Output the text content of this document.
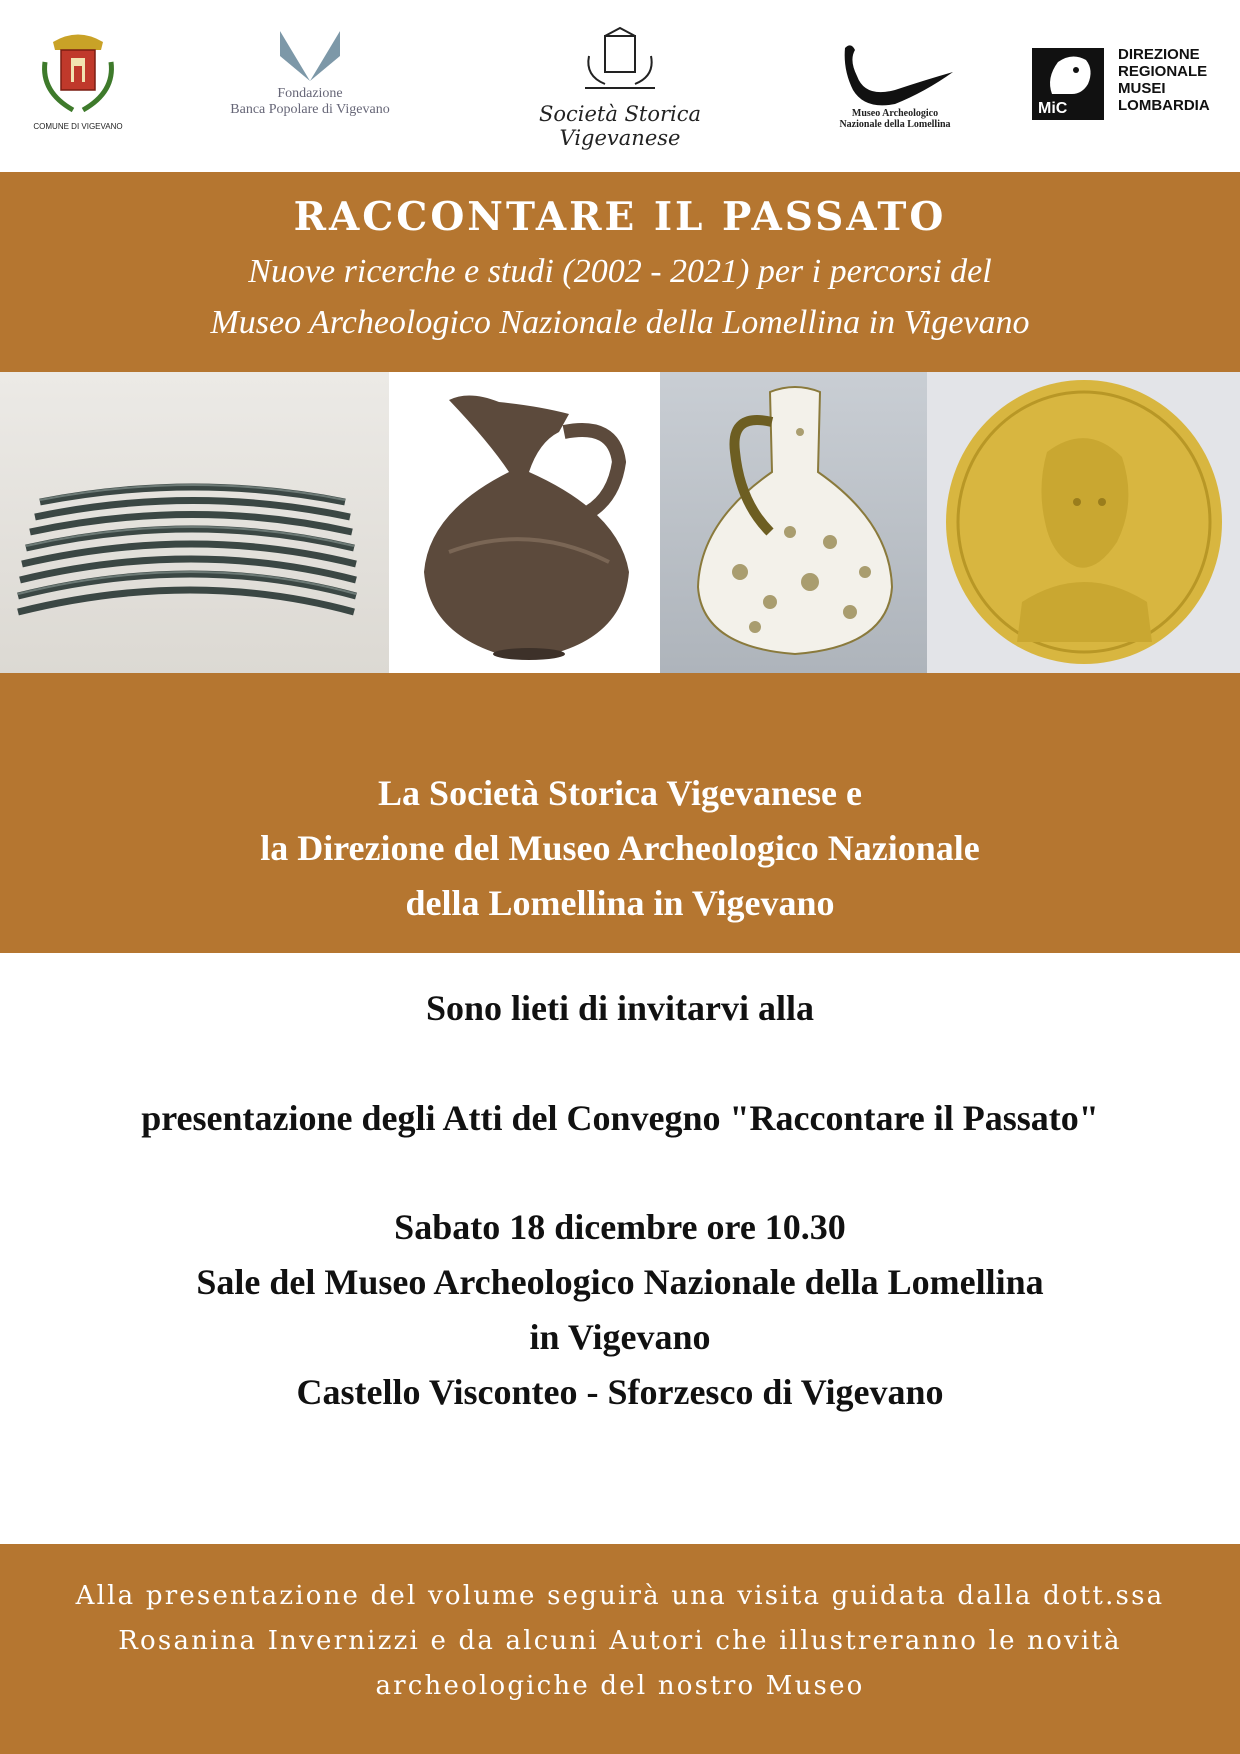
COMUNE DI VIGEVANO
Fondazione
Banca Popolare di Vigevano	Società Storica Vigevanese
Museo Archeologico
Nazionale della Lomellina
MiC
DIREZIONE
REGIONALE
MUSEI
LOMBARDIA
RACCONTARE IL PASSATO
Nuove ricerche e studi (2002 - 2021) per i percorsi del
Museo Archeologico Nazionale della Lomellina in Vigevano
La Società Storica Vigevanese e
la Direzione del Museo Archeologico Nazionale
della Lomellina in Vigevano
Sono lieti di invitarvi alla
presentazione degli Atti del Convegno "Raccontare il Passato"
Sabato 18 dicembre ore 10.30
Sale del Museo Archeologico Nazionale della Lomellina
in Vigevano
Castello Visconteo - Sforzesco di Vigevano
Alla presentazione del volume seguirà una visita guidata dalla dott.ssa
Rosanina Invernizzi e da alcuni Autori che illustreranno le novità
archeologiche del nostro Museo
